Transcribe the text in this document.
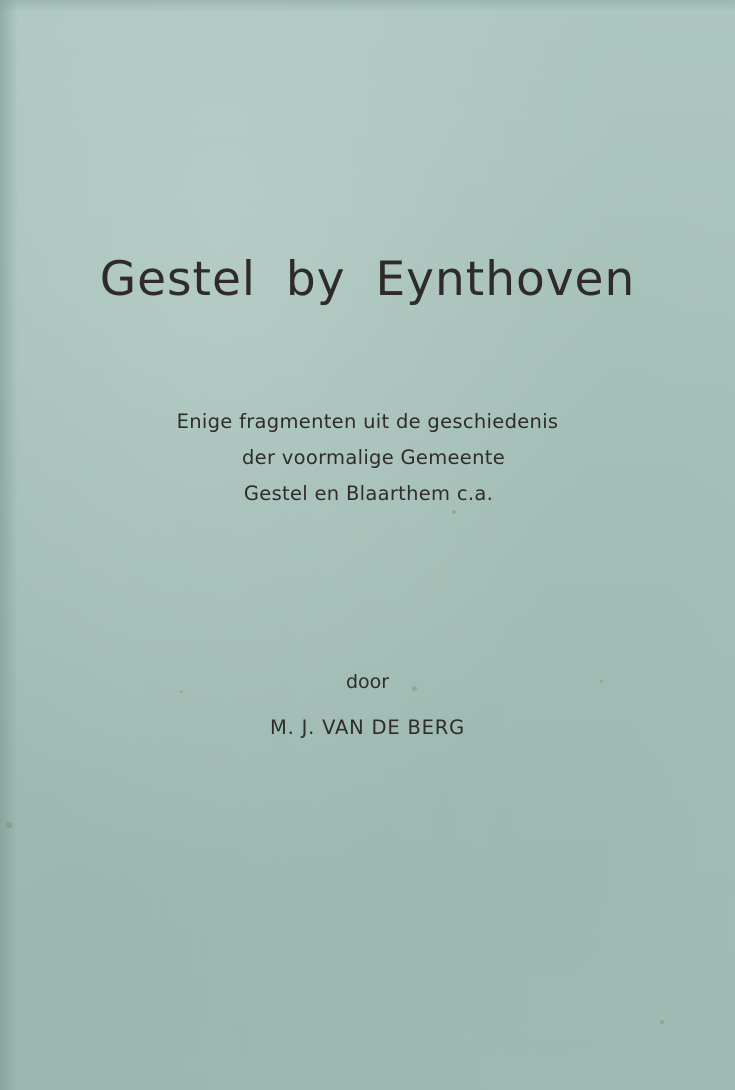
Gestel by Eynthoven
Enige fragmenten uit de geschiedenis
der voormalige Gemeente
Gestel en Blaarthem c.a.
door
M. J. VAN DE BERG
